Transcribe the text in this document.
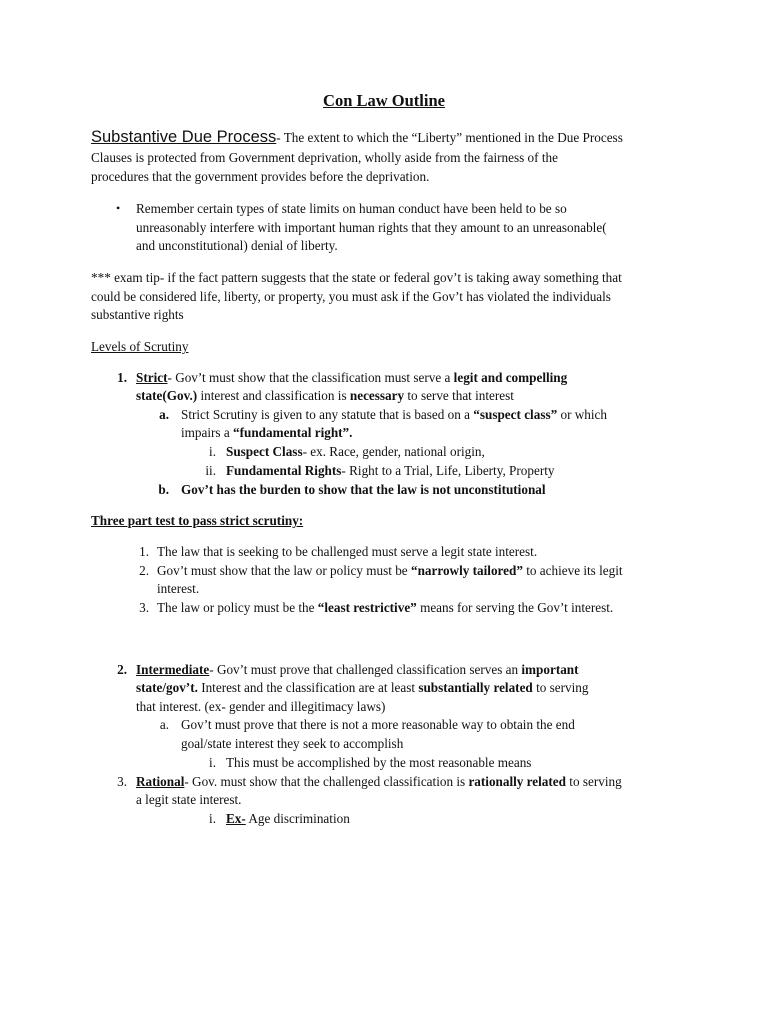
Con Law Outline
Substantive Due Process- The extent to which the “Liberty” mentioned in the Due Process
Clauses is protected from Government deprivation, wholly aside from the fairness of the
procedures that the government provides before the deprivation.
• Remember certain types of state limits on human conduct have been held to be so
unreasonably interfere with important human rights that they amount to an unreasonable(
and unconstitutional) denial of liberty.
*** exam tip- if the fact pattern suggests that the state or federal gov’t is taking away something that
could be considered life, liberty, or property, you must ask if the Gov’t has violated the individuals
substantive rights
Levels of Scrutiny
1. Strict- Gov’t must show that the classification must serve a legit and compelling
state(Gov.) interest and classification is necessary to serve that interest
a. Strict Scrutiny is given to any statute that is based on a “suspect class” or which
impairs a “fundamental right”.
i. Suspect Class- ex. Race, gender, national origin,
ii. Fundamental Rights- Right to a Trial, Life, Liberty, Property
b. Gov’t has the burden to show that the law is not unconstitutional
Three part test to pass strict scrutiny:
1. The law that is seeking to be challenged must serve a legit state interest.
2. Gov’t must show that the law or policy must be “narrowly tailored” to achieve its legit
interest.
3. The law or policy must be the “least restrictive” means for serving the Gov’t interest.
2. Intermediate- Gov’t must prove that challenged classification serves an important
state/gov’t. Interest and the classification are at least substantially related to serving
that interest. (ex- gender and illegitimacy laws)
a. Gov’t must prove that there is not a more reasonable way to obtain the end
goal/state interest they seek to accomplish
i. This must be accomplished by the most reasonable means
3. Rational- Gov. must show that the challenged classification is rationally related to serving
a legit state interest.
i. Ex- Age discrimination
